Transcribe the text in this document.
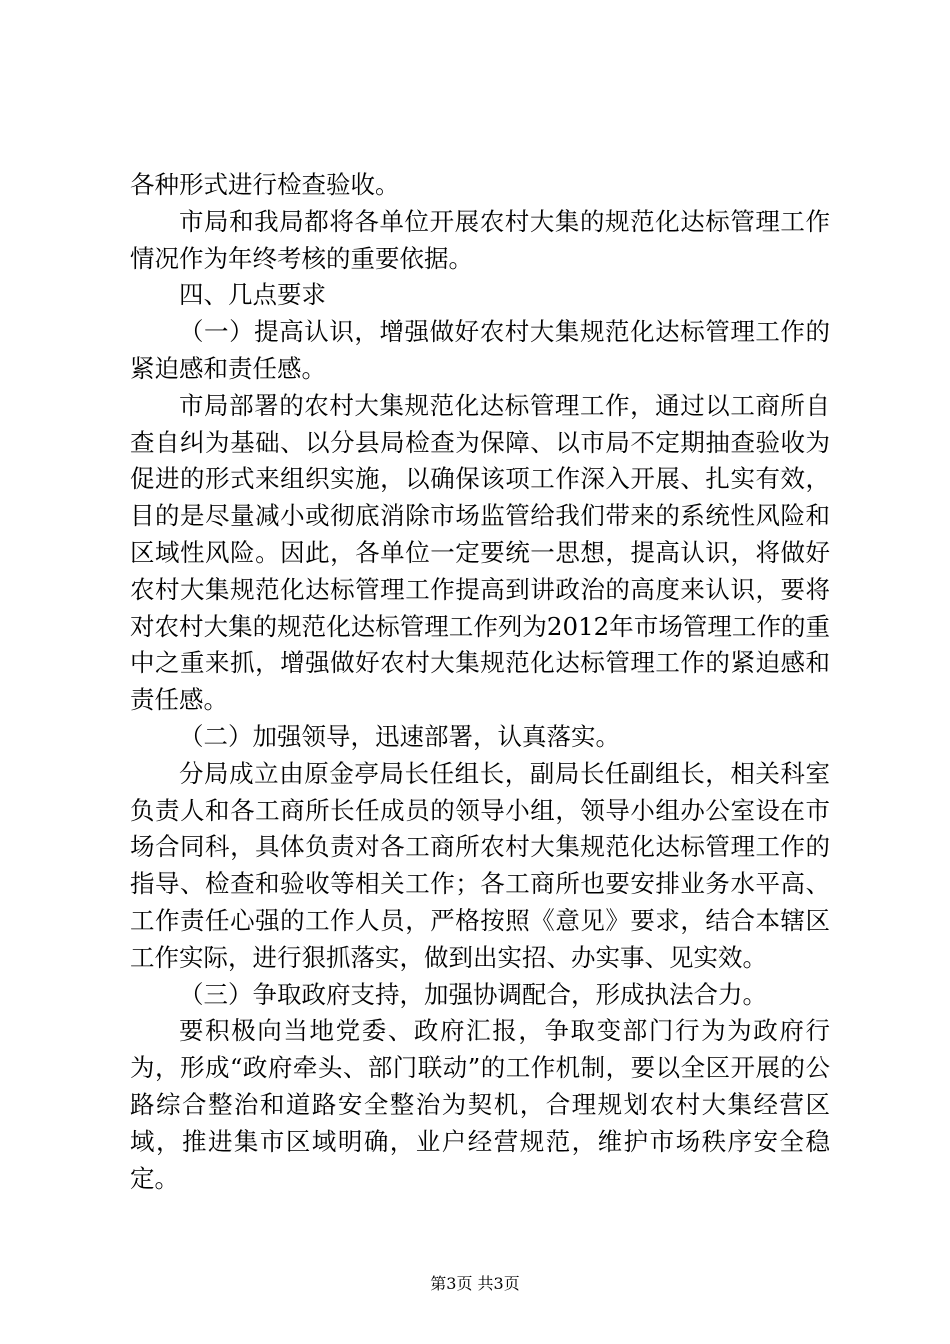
各种形式进行检查验收。

市局和我局都将各单位开展农村大集的规范化达标管理工作情况作为年终考核的重要依据。

四、几点要求

（一）提高认识，增强做好农村大集规范化达标管理工作的紧迫感和责任感。

市局部署的农村大集规范化达标管理工作，通过以工商所自查自纠为基础、以分县局检查为保障、以市局不定期抽查验收为促进的形式来组织实施，以确保该项工作深入开展、扎实有效，目的是尽量减小或彻底消除市场监管给我们带来的系统性风险和区域性风险。因此，各单位一定要统一思想，提高认识，将做好农村大集规范化达标管理工作提高到讲政治的高度来认识，要将对农村大集的规范化达标管理工作列为2012年市场管理工作的重中之重来抓，增强做好农村大集规范化达标管理工作的紧迫感和责任感。

（二）加强领导，迅速部署，认真落实。

分局成立由原金亭局长任组长，副局长任副组长，相关科室负责人和各工商所长任成员的领导小组，领导小组办公室设在市场合同科，具体负责对各工商所农村大集规范化达标管理工作的指导、检查和验收等相关工作；各工商所也要安排业务水平高、工作责任心强的工作人员，严格按照《意见》要求，结合本辖区工作实际，进行狠抓落实，做到出实招、办实事、见实效。

（三）争取政府支持，加强协调配合，形成执法合力。

要积极向当地党委、政府汇报，争取变部门行为为政府行为，形成“政府牵头、部门联动”的工作机制，要以全区开展的公路综合整治和道路安全整治为契机，合理规划农村大集经营区域，推进集市区域明确，业户经营规范，维护市场秩序安全稳定。

第3页 共3页
